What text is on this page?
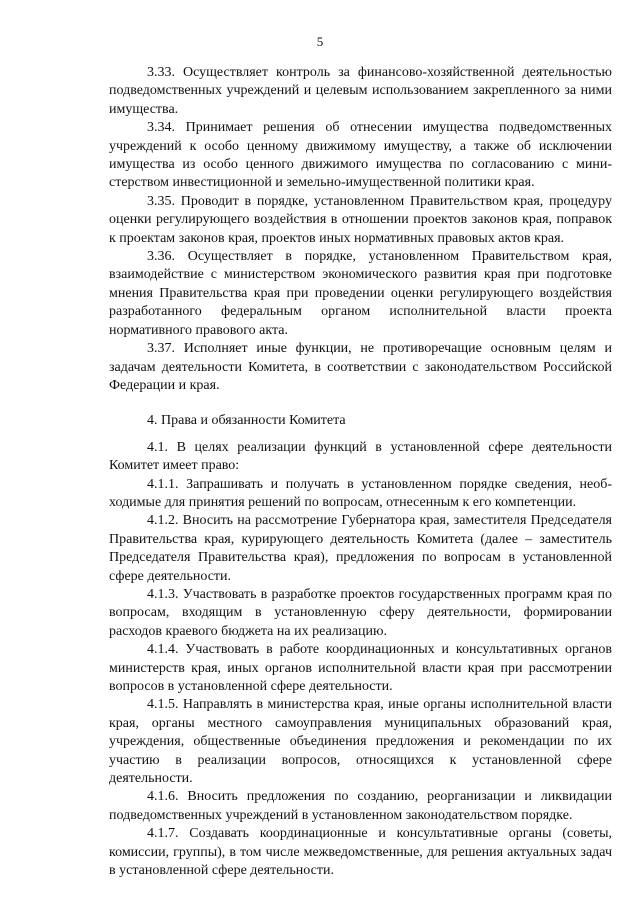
5

3.33. Осуществляет контроль за финансово-хозяйственной деятельностью подведомственных учреждений и целевым использованием закрепленного за ними имущества.

3.34. Принимает решения об отнесении имущества подведомственных учреждений к особо ценному движимому имуществу, а также об исключении имущества из особо ценного движимого имущества по согласованию с министерством инвестиционной и земельно-имущественной политики края.

3.35. Проводит в порядке, установленном Правительством края, процедуру оценки регулирующего воздействия в отношении проектов законов края, поправок к проектам законов края, проектов иных нормативных правовых актов края.

3.36. Осуществляет в порядке, установленном Правительством края, взаимодействие с министерством экономического развития края при подготовке мнения Правительства края при проведении оценки регулирующего воздействия разработанного федеральным органом исполнительной власти проекта нормативного правового акта.

3.37. Исполняет иные функции, не противоречащие основным целям и задачам деятельности Комитета, в соответствии с законодательством Российской Федерации и края.

4. Права и обязанности Комитета

4.1. В целях реализации функций в установленной сфере деятельности Комитет имеет право:

4.1.1. Запрашивать и получать в установленном порядке сведения, необходимые для принятия решений по вопросам, отнесенным к его компетенции.

4.1.2. Вносить на рассмотрение Губернатора края, заместителя Председателя Правительства края, курирующего деятельность Комитета (далее – заместитель Председателя Правительства края), предложения по вопросам в установленной сфере деятельности.

4.1.3. Участвовать в разработке проектов государственных программ края по вопросам, входящим в установленную сферу деятельности, формировании расходов краевого бюджета на их реализацию.

4.1.4. Участвовать в работе координационных и консультативных органов министерств края, иных органов исполнительной власти края при рассмотрении вопросов в установленной сфере деятельности.

4.1.5. Направлять в министерства края, иные органы исполнительной власти края, органы местного самоуправления муниципальных образований края, учреждения, общественные объединения предложения и рекомендации по их участию в реализации вопросов, относящихся к установленной сфере деятельности.

4.1.6. Вносить предложения по созданию, реорганизации и ликвидации подведомственных учреждений в установленном законодательством порядке.

4.1.7. Создавать координационные и консультативные органы (советы, комиссии, группы), в том числе межведомственные, для решения актуальных задач в установленной сфере деятельности.
